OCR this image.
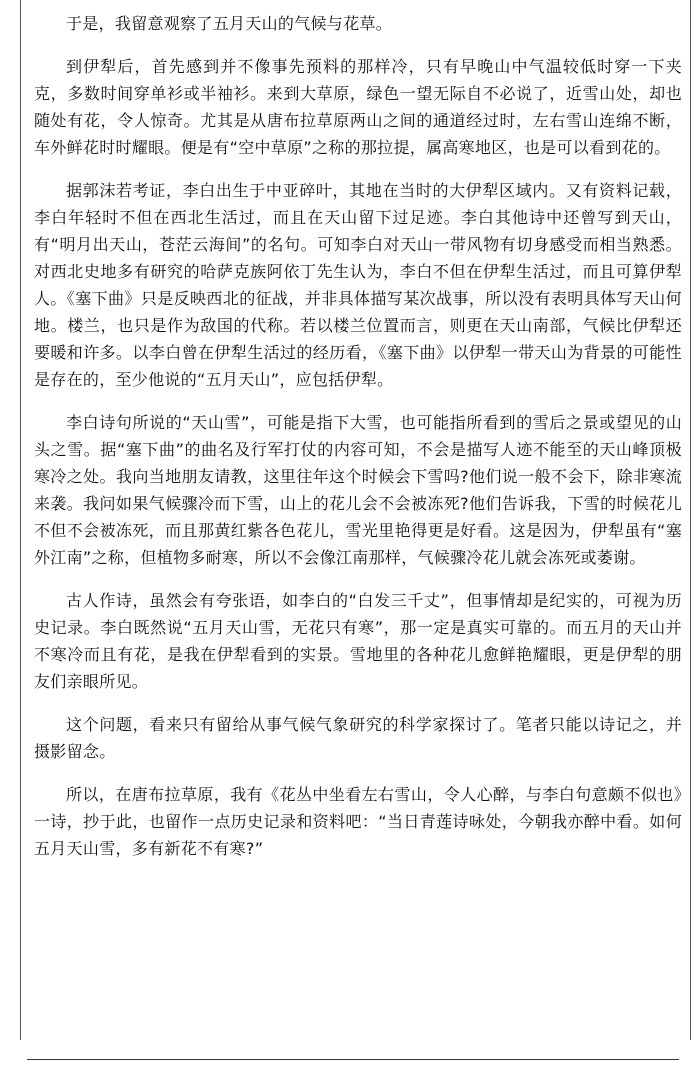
于是，我留意观察了五月天山的气候与花草。

到伊犁后，首先感到并不像事先预料的那样冷，只有早晚山中气温较低时穿一下夹克，多数时间穿单衫或半袖衫。来到大草原，绿色一望无际自不必说了，近雪山处，却也随处有花，令人惊奇。尤其是从唐布拉草原两山之间的通道经过时，左右雪山连绵不断，车外鲜花时时耀眼。便是有“空中草原”之称的那拉提，属高寒地区，也是可以看到花的。

据郭沫若考证，李白出生于中亚碎叶，其地在当时的大伊犁区域内。又有资料记载，李白年轻时不但在西北生活过，而且在天山留下过足迹。李白其他诗中还曾写到天山，有“明月出天山，苍茫云海间”的名句。可知李白对天山一带风物有切身感受而相当熟悉。对西北史地多有研究的哈萨克族阿依丁先生认为，李白不但在伊犁生活过，而且可算伊犁人。《塞下曲》只是反映西北的征战，并非具体描写某次战事，所以没有表明具体写天山何地。楼兰，也只是作为敌国的代称。若以楼兰位置而言，则更在天山南部，气候比伊犁还要暖和许多。以李白曾在伊犁生活过的经历看，《塞下曲》以伊犁一带天山为背景的可能性是存在的，至少他说的“五月天山”，应包括伊犁。

李白诗句所说的“天山雪”，可能是指下大雪，也可能指所看到的雪后之景或望见的山头之雪。据“塞下曲”的曲名及行军打仗的内容可知，不会是描写人迹不能至的天山峰顶极寒冷之处。我向当地朋友请教，这里往年这个时候会下雪吗?他们说一般不会下，除非寒流来袭。我问如果气候骤冷而下雪，山上的花儿会不会被冻死?他们告诉我，下雪的时候花儿不但不会被冻死，而且那黄红紫各色花儿，雪光里艳得更是好看。这是因为，伊犁虽有“塞外江南”之称，但植物多耐寒，所以不会像江南那样，气候骤冷花儿就会冻死或萎谢。

古人作诗，虽然会有夸张语，如李白的“白发三千丈”，但事情却是纪实的，可视为历史记录。李白既然说“五月天山雪，无花只有寒”，那一定是真实可靠的。而五月的天山并不寒冷而且有花，是我在伊犁看到的实景。雪地里的各种花儿愈鲜艳耀眼，更是伊犁的朋友们亲眼所见。

这个问题，看来只有留给从事气候气象研究的科学家探讨了。笔者只能以诗记之，并摄影留念。

所以，在唐布拉草原，我有《花丛中坐看左右雪山，令人心醉，与李白句意颇不似也》一诗，抄于此，也留作一点历史记录和资料吧：“当日青莲诗咏处，今朝我亦醉中看。如何五月天山雪，多有新花不有寒?”
